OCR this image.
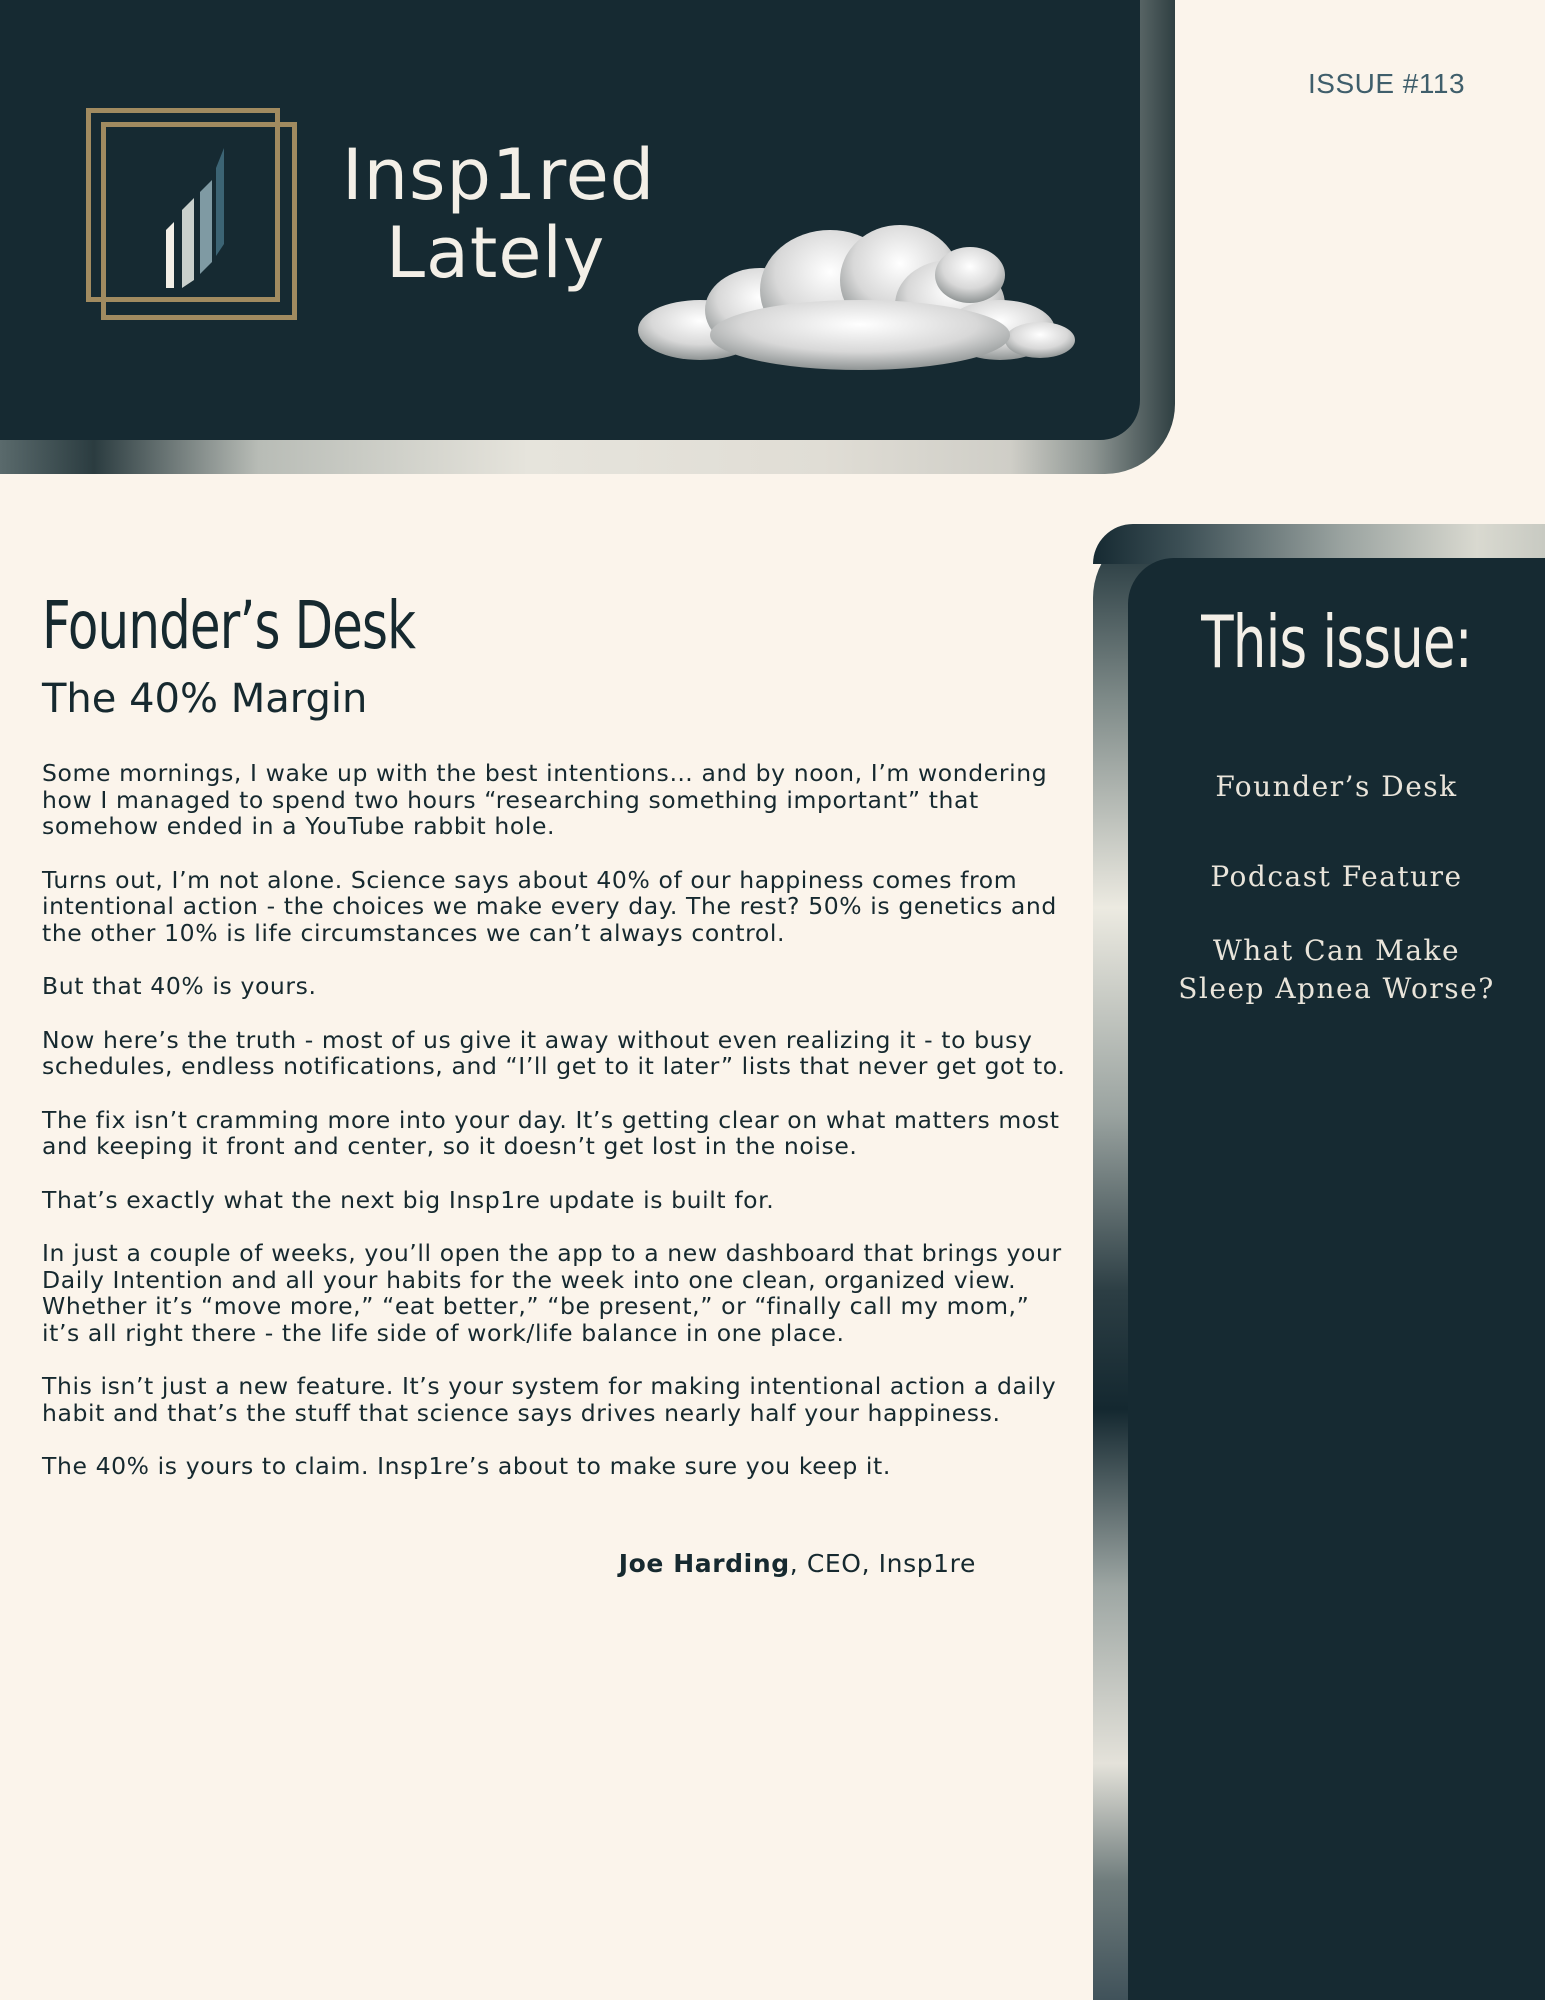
Insp1red
Lately
ISSUE #113
This issue:
Founder’s Desk
Podcast Feature
What Can Make Sleep Apnea Worse?
Founder’s Desk
The 40% Margin

Some mornings, I wake up with the best intentions… and by noon, I’m wondering how I managed to spend two hours “researching something important” that somehow ended in a YouTube rabbit hole.

Turns out, I’m not alone. Science says about 40% of our happiness comes from intentional action - the choices we make every day. The rest? 50% is genetics and the other 10% is life circumstances we can’t always control.

But that 40% is yours.

Now here’s the truth - most of us give it away without even realizing it - to busy schedules, endless notifications, and “I’ll get to it later” lists that never get got to.

The fix isn’t cramming more into your day. It’s getting clear on what matters most and keeping it front and center, so it doesn’t get lost in the noise.

That’s exactly what the next big Insp1re update is built for.

In just a couple of weeks, you’ll open the app to a new dashboard that brings your Daily Intention and all your habits for the week into one clean, organized view. Whether it’s “move more,” “eat better,” “be present,” or “finally call my mom,” it’s all right there - the life side of work/life balance in one place.

This isn’t just a new feature. It’s your system for making intentional action a daily habit and that’s the stuff that science says drives nearly half your happiness.

The 40% is yours to claim. Insp1re’s about to make sure you keep it.

Joe Harding, CEO, Insp1re
